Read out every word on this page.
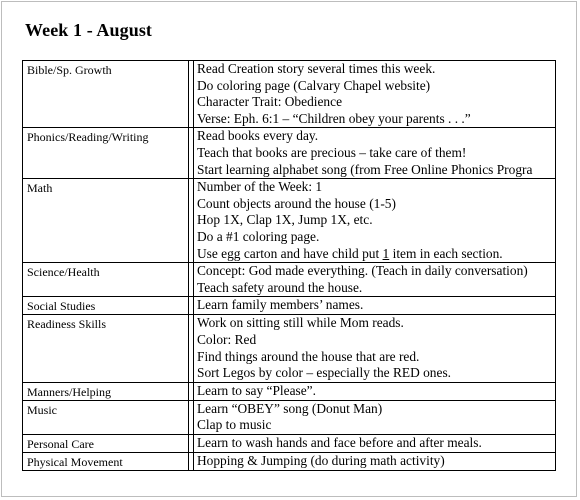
Week 1 - August
Bible/Sp. Growth		Read Creation story several times this week.
Do coloring page (Calvary Chapel website)
Character Trait: Obedience
Verse: Eph. 6:1 – “Children obey your parents . . .”

Phonics/Reading/Writing		Read books every day.
Teach that books are precious – take care of them!
Start learning alphabet song (from Free Online Phonics Progra

Math		Number of the Week: 1
Count objects around the house (1-5)
Hop 1X, Clap 1X, Jump 1X, etc.
Do a #1 coloring page.
Use egg carton and have child put 1 item in each section.

Science/Health		Concept: God made everything. (Teach in daily conversation)
Teach safety around the house.

Social Studies		Learn family members’ names.

Readiness Skills		Work on sitting still while Mom reads.
Color: Red
Find things around the house that are red.
Sort Legos by color – especially the RED ones.

Manners/Helping		Learn to say “Please”.

Music		Learn “OBEY” song (Donut Man)
Clap to music

Personal Care		Learn to wash hands and face before and after meals.

Physical Movement		Hopping & Jumping (do during math activity)
